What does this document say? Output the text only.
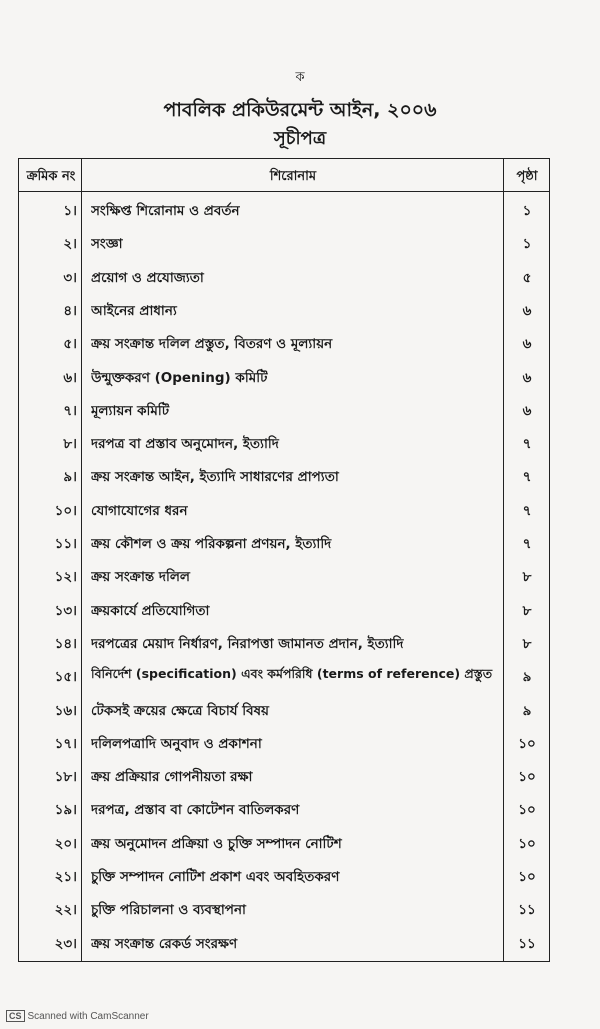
ক
পাবলিক প্রকিউরমেন্ট আইন, ২০০৬
সূচীপত্র
ক্রমিক নং	শিরোনাম	পৃষ্ঠা
১। সংক্ষিপ্ত শিরোনাম ও প্রবর্তন	১
২। সংজ্ঞা	১
৩। প্রয়োগ ও প্রযোজ্যতা	৫
৪। আইনের প্রাধান্য	৬
৫। ক্রয় সংক্রান্ত দলিল প্রস্তুত, বিতরণ ও মূল্যায়ন	৬
৬। উন্মুক্তকরণ (Opening) কমিটি	৬
৭। মূল্যায়ন কমিটি	৬
৮। দরপত্র বা প্রস্তাব অনুমোদন, ইত্যাদি	৭
৯। ক্রয় সংক্রান্ত আইন, ইত্যাদি সাধারণের প্রাপ্যতা	৭
১০। যোগাযোগের ধরন	৭
১১। ক্রয় কৌশল ও ক্রয় পরিকল্পনা প্রণয়ন, ইত্যাদি	৭
১২। ক্রয় সংক্রান্ত দলিল	৮
১৩। ক্রয়কার্যে প্রতিযোগিতা	৮
১৪। দরপত্রের মেয়াদ নির্ধারণ, নিরাপত্তা জামানত প্রদান, ইত্যাদি	৮
১৫। বিনির্দেশ (specification) এবং কর্মপরিধি (terms of reference) প্রস্তুত	৯
১৬। টেকসই ক্রয়ের ক্ষেত্রে বিচার্য বিষয়	৯
১৭। দলিলপত্রাদি অনুবাদ ও প্রকাশনা	১০
১৮। ক্রয় প্রক্রিয়ার গোপনীয়তা রক্ষা	১০
১৯। দরপত্র, প্রস্তাব বা কোটেশন বাতিলকরণ	১০
২০। ক্রয় অনুমোদন প্রক্রিয়া ও চুক্তি সম্পাদন নোটিশ	১০
২১। চুক্তি সম্পাদন নোটিশ প্রকাশ এবং অবহিতকরণ	১০
২২। চুক্তি পরিচালনা ও ব্যবস্থাপনা	১১
২৩। ক্রয় সংক্রান্ত রেকর্ড সংরক্ষণ	১১
CS Scanned with CamScanner
